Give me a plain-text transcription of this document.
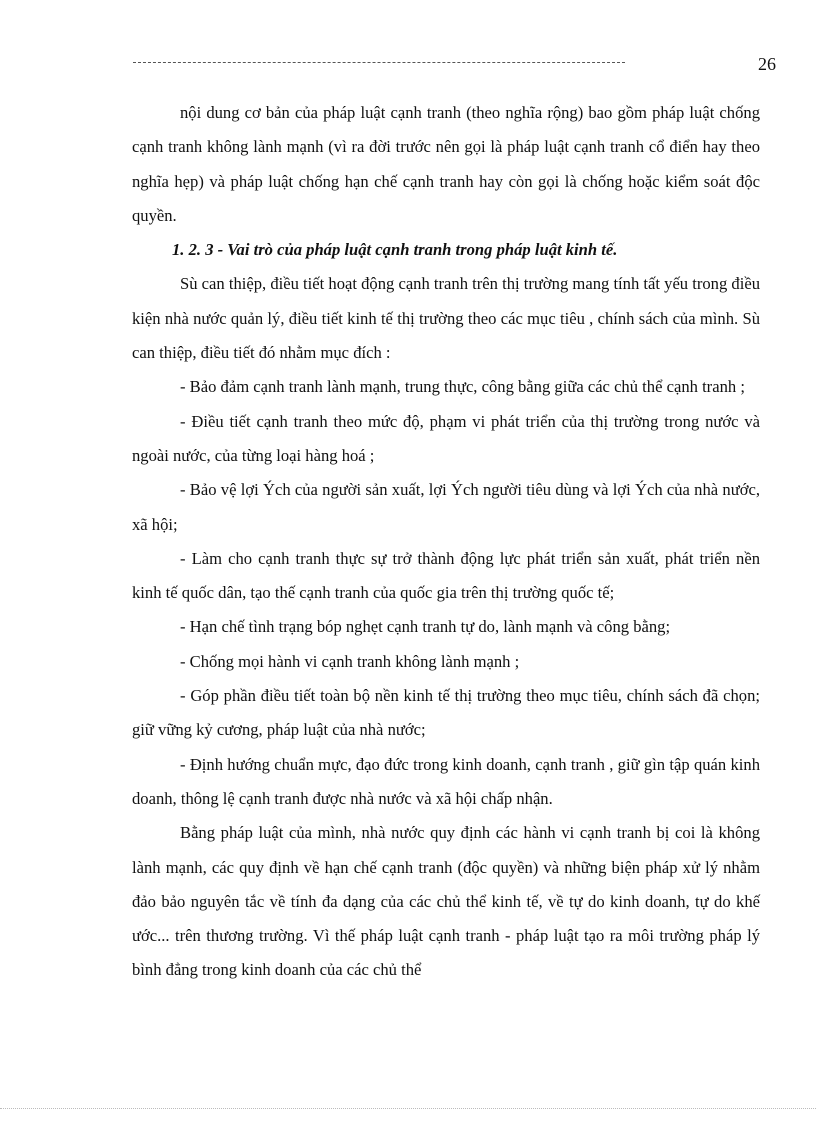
26

nội dung cơ bản của pháp luật cạnh tranh (theo nghĩa rộng) bao gồm pháp luật chống cạnh tranh không lành mạnh (vì ra đời trước nên gọi là pháp luật cạnh tranh cổ điển hay theo nghĩa hẹp) và pháp luật chống hạn chế cạnh tranh hay còn gọi là chống hoặc kiểm soát độc quyền.

1. 2. 3 - Vai trò của pháp luật cạnh tranh trong pháp luật kinh tế.

Sù can thiệp, điều tiết hoạt động cạnh tranh trên thị trường mang tính tất yếu trong điều kiện nhà nước quản lý, điều tiết kinh tế thị trường theo các mục tiêu , chính sách của mình. Sù can thiệp, điều tiết đó nhằm mục đích :

- Bảo đảm cạnh tranh lành mạnh, trung thực, công bằng giữa các chủ thể cạnh tranh ;

- Điều tiết cạnh tranh theo mức độ, phạm vi phát triển của thị trường trong nước và ngoài nước, của từng loại hàng hoá ;

- Bảo vệ lợi Ých của người sản xuất, lợi Ých người tiêu dùng và lợi Ých của nhà nước, xã hội;

- Làm cho cạnh tranh thực sự trở thành động lực phát triển sản xuất, phát triển nền kinh tế quốc dân, tạo thế cạnh tranh của quốc gia trên thị trường quốc tế;

- Hạn chế tình trạng bóp nghẹt cạnh tranh tự do, lành mạnh và công bằng;

- Chống mọi hành vi cạnh tranh không lành mạnh ;

- Góp phần điều tiết toàn bộ nền kinh tế thị trường theo mục tiêu, chính sách đã chọn; giữ vững kỷ cương, pháp luật của nhà nước;

- Định hướng chuẩn mực, đạo đức trong kinh doanh, cạnh tranh , giữ gìn tập quán kinh doanh, thông lệ cạnh tranh được nhà nước và xã hội chấp nhận.

Bằng pháp luật của mình, nhà nước quy định các hành vi cạnh tranh bị coi là không lành mạnh, các quy định về hạn chế cạnh tranh (độc quyền) và những biện pháp xử lý nhằm đảo bảo nguyên tắc về tính đa dạng của các chủ thể kinh tế, về tự do kinh doanh, tự do khế ước... trên thương trường. Vì thế pháp luật cạnh tranh - pháp luật tạo ra môi trường pháp lý bình đẳng trong kinh doanh của các chủ thể
